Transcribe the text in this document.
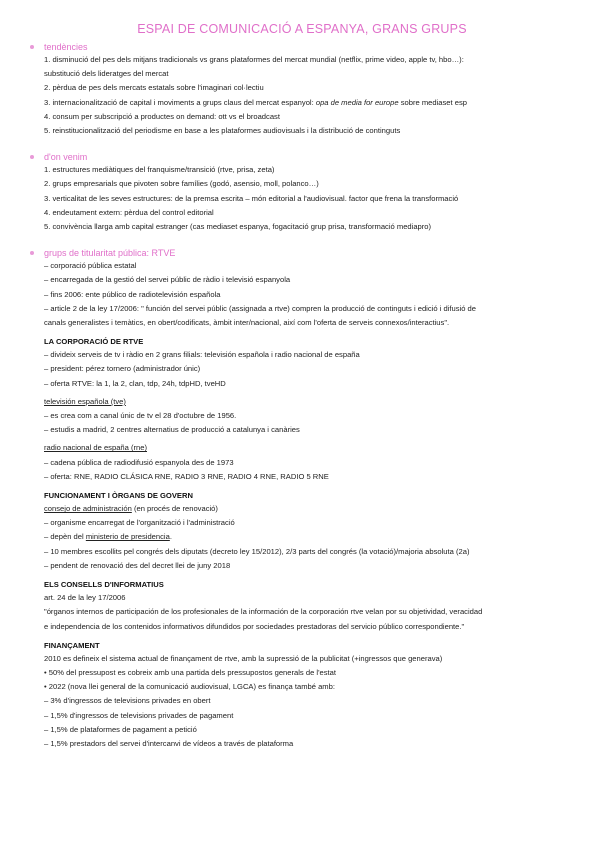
ESPAI DE COMUNICACIÓ A ESPANYA, GRANS GRUPS
tendències
1. disminució del pes dels mitjans tradicionals vs grans plataformes del mercat mundial (netflix, prime video, apple tv, hbo…):
substitució dels lideratges del mercat
2. pèrdua de pes dels mercats estatals sobre l'imaginari col·lectiu
3. internacionalització de capital i moviments a grups claus del mercat espanyol: opa de media for europe sobre mediaset esp
4. consum per subscripció a productes on demand: ott vs el broadcast
5. reinstitucionalització del periodisme en base a les plataformes audiovisuals i la distribució de continguts
d'on venim
1. estructures mediàtiques del franquisme/transició (rtve, prisa, zeta)
2. grups empresarials que pivoten sobre famílies (godó, asensio, moll, polanco…)
3. verticalitat de les seves estructures: de la premsa escrita – món editorial a l'audiovisual. factor que frena la transformació
4. endeutament extern: pèrdua del control editorial
5. convivència llarga amb capital estranger (cas mediaset espanya, fogacitació grup prisa, transformació mediapro)
grups de titularitat pública: RTVE
– corporació pública estatal
– encarregada de la gestió del servei públic de ràdio i televisió espanyola
– fins 2006: ente público de radiotelevisión española
– article 2 de la ley 17/2006: " función del servei públic (assignada a rtve) compren la producció de continguts i edició i difusió de
canals generalistes i temàtics, en obert/codificats, àmbit inter/nacional, així com l'oferta de serveis connexos/interactius".
LA CORPORACIÓ DE RTVE
– divideix serveis de tv i ràdio en 2 grans filials: televisión española i radio nacional de españa
– president: pérez tornero (administrador únic)
– oferta RTVE: la 1, la 2, clan, tdp, 24h, tdpHD, tveHD
televisión española (tve)
– es crea com a canal únic de tv el 28 d'octubre de 1956.
– estudis a madrid, 2 centres alternatius de producció a catalunya i canàries
radio nacional de españa (rne)
– cadena pública de radiodifusió espanyola des de 1973
– oferta: RNE, RADIO CLÁSICA RNE, RADIO 3 RNE, RADIO 4 RNE, RADIO 5 RNE
FUNCIONAMENT I ÒRGANS DE GOVERN
consejo de administración (en procés de renovació)
– organisme encarregat de l'organització i l'administració
– depèn del ministerio de presidencia.
– 10 membres escollits pel congrés dels diputats (decreto ley 15/2012), 2/3 parts del congrés (la votació)/majoria absoluta (2a)
– pendent de renovació des del decret llei de juny 2018
ELS CONSELLS D'INFORMATIUS
art. 24 de la ley 17/2006
"órganos internos de participación de los profesionales de la información de la corporación rtve velan por su objetividad, veracidad
e independencia de los contenidos informativos difundidos por sociedades prestadoras del servicio público correspondiente."
FINANÇAMENT
2010 es defineix el sistema actual de finançament de rtve, amb la supressió de la publicitat (+ingressos que generava)
• 50% del pressupost es cobreix amb una partida dels pressupostos generals de l'estat
• 2022 (nova llei general de la comunicació audiovisual, LGCA) es finança també amb:
– 3% d'ingressos de televisions privades en obert
– 1,5% d'ingressos de televisions privades de pagament
– 1,5% de plataformes de pagament a petició
– 1,5% prestadors del servei d'intercanvi de vídeos a través de plataforma
